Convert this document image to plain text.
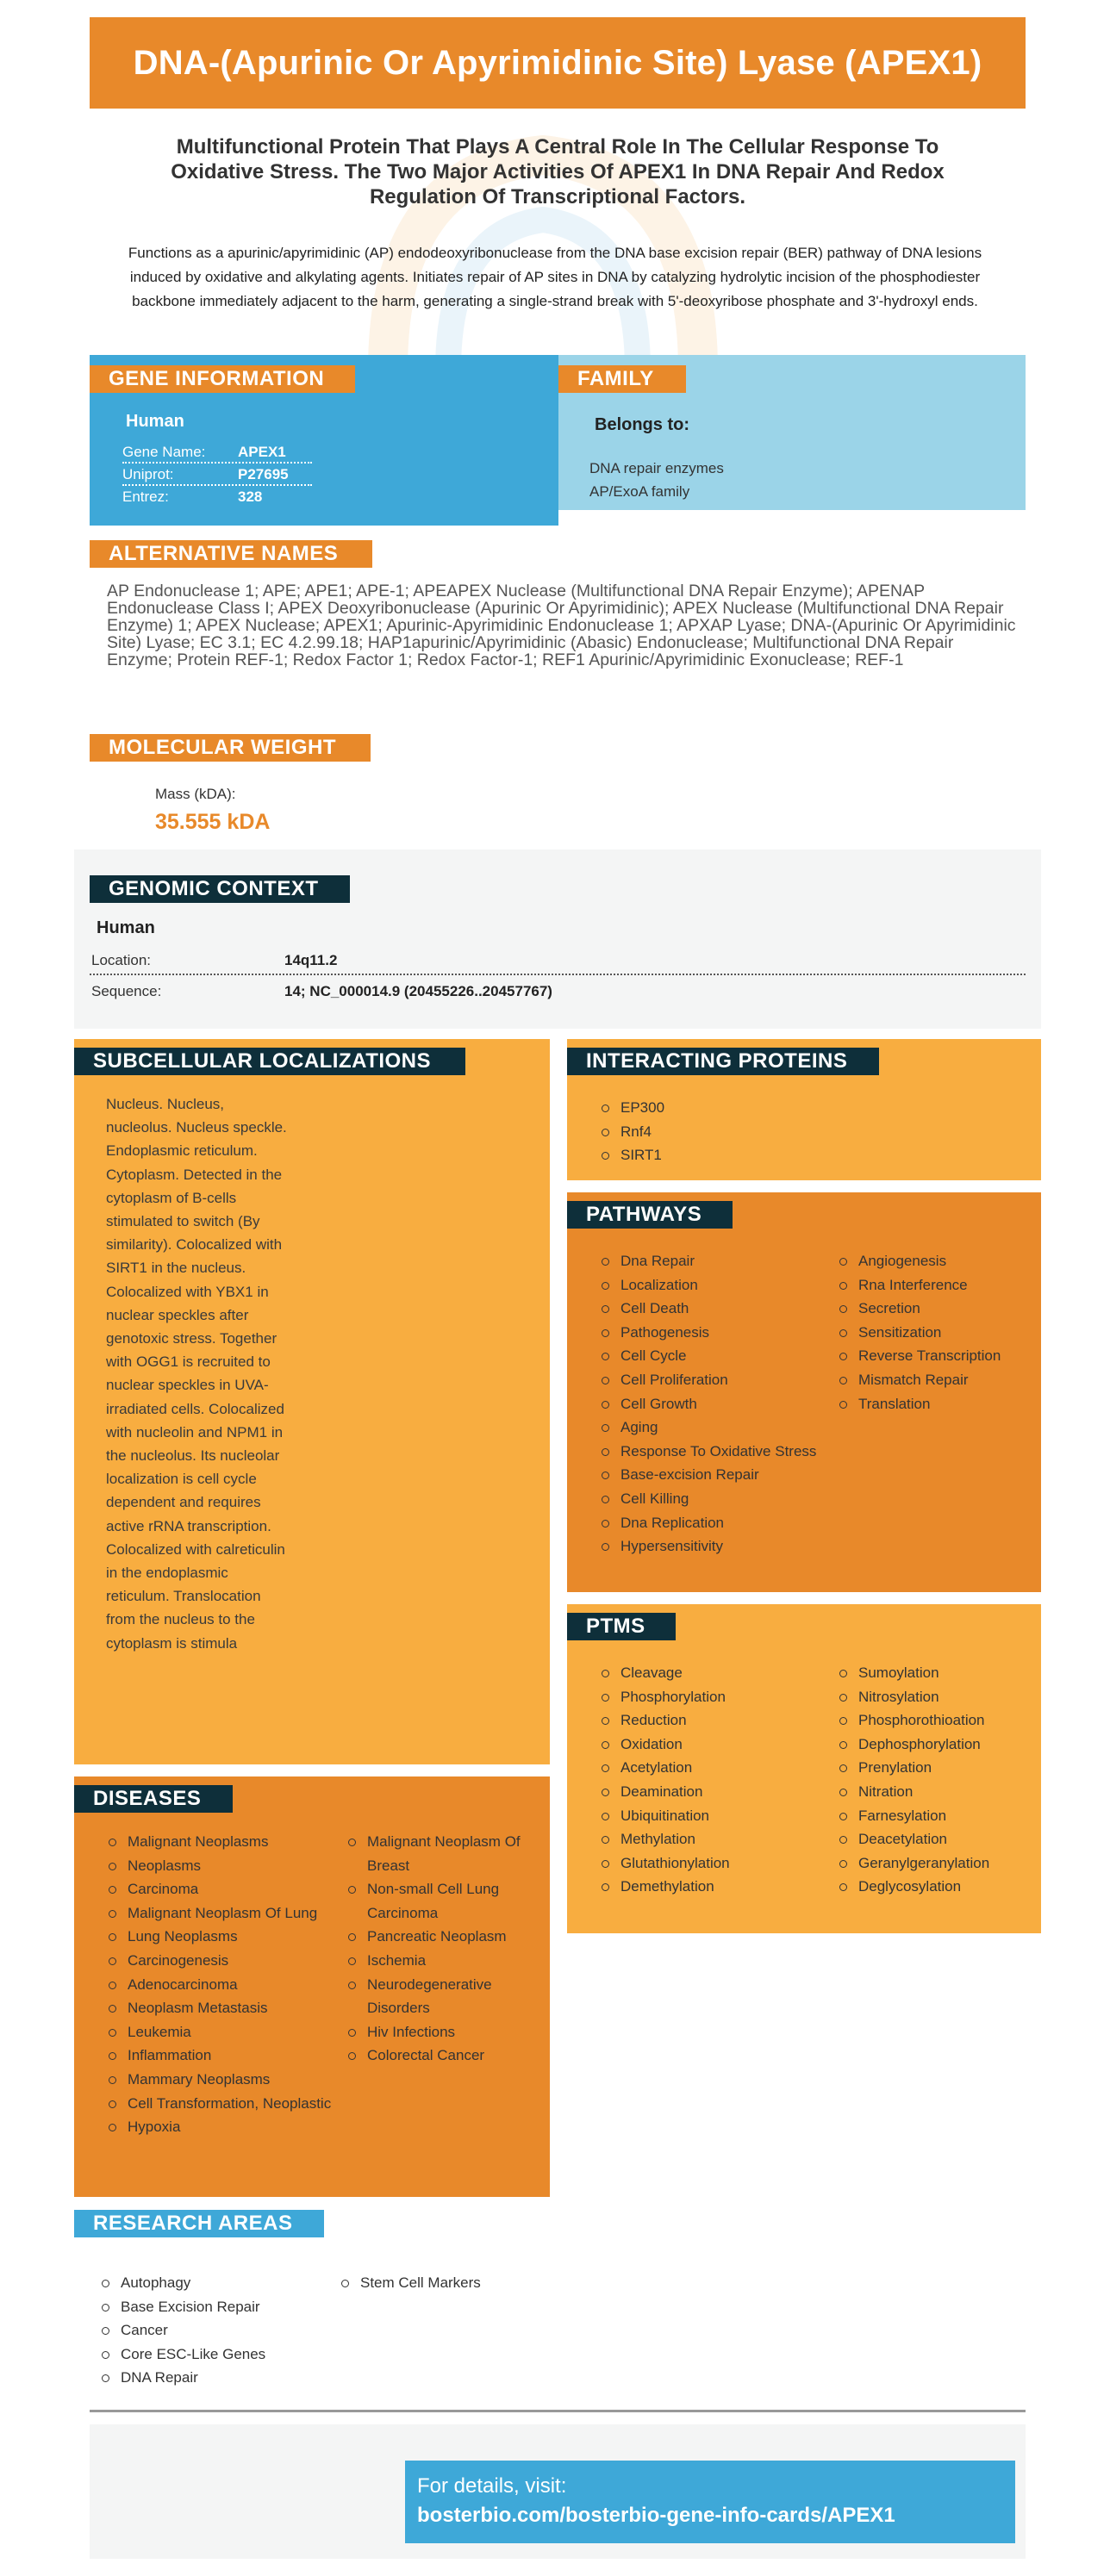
DNA-(Apurinic Or Apyrimidinic Site) Lyase (APEX1)
Multifunctional Protein That Plays A Central Role In The Cellular Response To Oxidative Stress. The Two Major Activities Of APEX1 In DNA Repair And Redox Regulation Of Transcriptional Factors.
Functions as a apurinic/apyrimidinic (AP) endodeoxyribonuclease from the DNA base excision repair (BER) pathway of DNA lesions induced by oxidative and alkylating agents. Initiates repair of AP sites in DNA by catalyzing hydrolytic incision of the phosphodiester backbone immediately adjacent to the harm, generating a single-strand break with 5'-deoxyribose phosphate and 3'-hydroxyl ends.
GENE INFORMATION
Human
Gene Name:	APEX1
Uniprot:	P27695
Entrez:	328
FAMILY
Belongs to:
DNA repair enzymes
AP/ExoA family
ALTERNATIVE NAMES
AP Endonuclease 1; APE; APE1; APE-1; APEAPEX Nuclease (Multifunctional DNA Repair Enzyme); APENAP Endonuclease Class I; APEX Deoxyribonuclease (Apurinic Or Apyrimidinic); APEX Nuclease (Multifunctional DNA Repair Enzyme) 1; APEX Nuclease; APEX1; Apurinic-Apyrimidinic Endonuclease 1; APXAP Lyase; DNA-(Apurinic Or Apyrimidinic Site) Lyase; EC 3.1; EC 4.2.99.18; HAP1apurinic/Apyrimidinic (Abasic) Endonuclease; Multifunctional DNA Repair Enzyme; Protein REF-1; Redox Factor 1; Redox Factor-1; REF1 Apurinic/Apyrimidinic Exonuclease; REF-1
MOLECULAR WEIGHT
Mass (kDA):
35.555 kDA
GENOMIC CONTEXT
Human
Location:	14q11.2
Sequence:	14; NC_000014.9 (20455226..20457767)
SUBCELLULAR LOCALIZATIONS
Nucleus. Nucleus, nucleolus. Nucleus speckle. Endoplasmic reticulum. Cytoplasm. Detected in the cytoplasm of B-cells stimulated to switch (By similarity). Colocalized with SIRT1 in the nucleus. Colocalized with YBX1 in nuclear speckles after genotoxic stress. Together with OGG1 is recruited to nuclear speckles in UVA-irradiated cells. Colocalized with nucleolin and NPM1 in the nucleolus. Its nucleolar localization is cell cycle dependent and requires active rRNA transcription. Colocalized with calreticulin in the endoplasmic reticulum. Translocation from the nucleus to the cytoplasm is stimula
DISEASES
Malignant Neoplasms
Neoplasms
Carcinoma
Malignant Neoplasm Of Lung
Lung Neoplasms
Carcinogenesis
Adenocarcinoma
Neoplasm Metastasis
Leukemia
Inflammation
Mammary Neoplasms
Cell Transformation, Neoplastic
Hypoxia
Malignant Neoplasm Of Breast
Non-small Cell Lung Carcinoma
Pancreatic Neoplasm
Ischemia
Neurodegenerative Disorders
Hiv Infections
Colorectal Cancer
INTERACTING PROTEINS
EP300
Rnf4
SIRT1
PATHWAYS
Dna Repair
Localization
Cell Death
Pathogenesis
Cell Cycle
Cell Proliferation
Cell Growth
Aging
Response To Oxidative Stress
Base-excision Repair
Cell Killing
Dna Replication
Hypersensitivity
Angiogenesis
Rna Interference
Secretion
Sensitization
Reverse Transcription
Mismatch Repair
Translation
PTMS
Cleavage
Phosphorylation
Reduction
Oxidation
Acetylation
Deamination
Ubiquitination
Methylation
Glutathionylation
Demethylation
Sumoylation
Nitrosylation
Phosphorothioation
Dephosphorylation
Prenylation
Nitration
Farnesylation
Deacetylation
Geranylgeranylation
Deglycosylation
RESEARCH AREAS
Autophagy
Base Excision Repair
Cancer
Core ESC-Like Genes
DNA Repair
Stem Cell Markers
For details, visit:
bosterbio.com/bosterbio-gene-info-cards/APEX1
